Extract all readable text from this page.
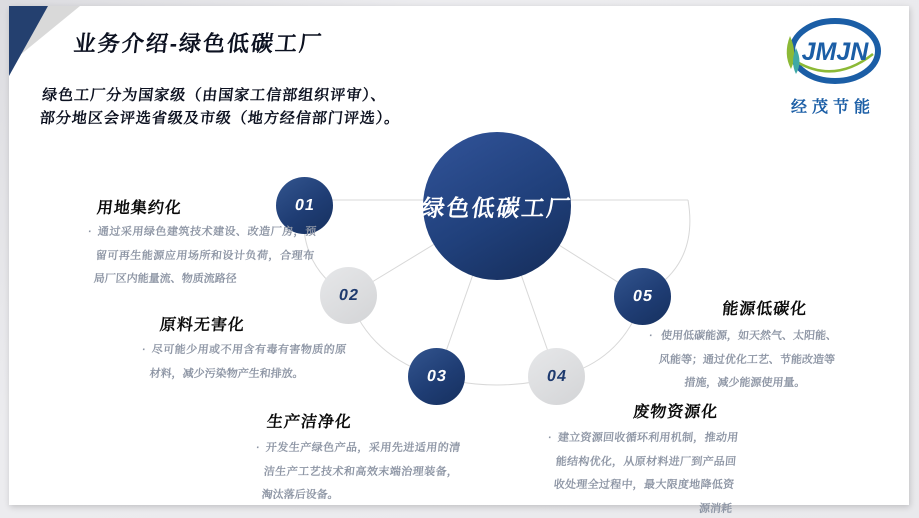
业务介绍-绿色低碳工厂
绿色工厂分为国家级（由国家工信部组织评审）、
部分地区会评选省级及市级（地方经信部门评选）。
JMJN
经茂节能
绿色低碳工厂
01
02
03	04
05
用地集约化
· 通过采用绿色建筑技术建设、改造厂房，预留可再生能源应用场所和设计负荷，合理布局厂区内能量流、物质流路径
原料无害化
· 尽可能少用或不用含有毒有害物质的原材料，减少污染物产生和排放。
生产洁净化
· 开发生产绿色产品，采用先进适用的清洁生产工艺技术和高效末端治理装备，淘汰落后设备。
废物资源化
· 建立资源回收循环利用机制，推动用能结构优化，从原材料进厂到产品回收处理全过程中，最大限度地降低资源消耗
能源低碳化
· 使用低碳能源，如天然气、太阳能、风能等；通过优化工艺、节能改造等措施，减少能源使用量。
